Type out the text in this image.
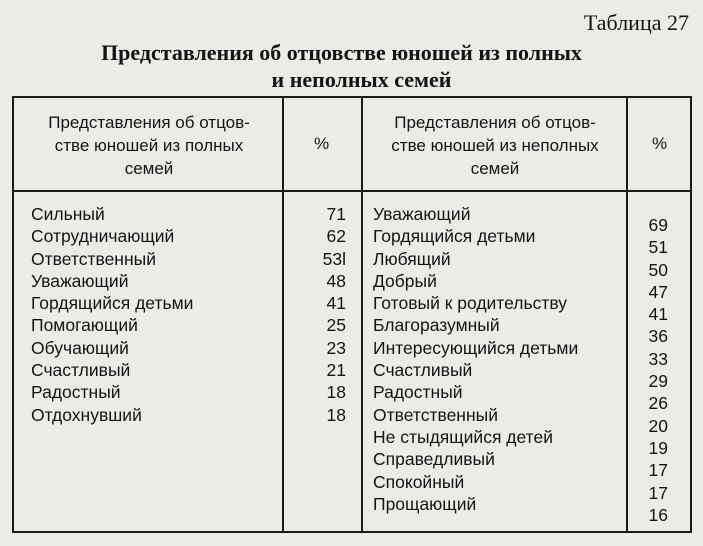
Таблица 27
Представления об отцовстве юношей из полных
и неполных семей
Представления об отцов-
стве юношей из полных
семей
%
Представления об отцов-
стве юношей из неполных
семей
%
Сильный
Сотрудничающий
Ответственный
Уважающий
Гордящийся детьми
Помогающий
Обучающий
Счастливый
Радостный
Отдохнувший
71
62
53l
48
41
25
23
21
18
18
Уважающий
Гордящийся детьми
Любящий
Добрый
Готовый к родительству
Благоразумный
Интересующийся детьми
Счастливый
Радостный
Ответственный
Не стыдящийся детей
Справедливый
Спокойный
Прощающий
69
51
50
47
41
36
33
29
26
20
19
17
17
16
